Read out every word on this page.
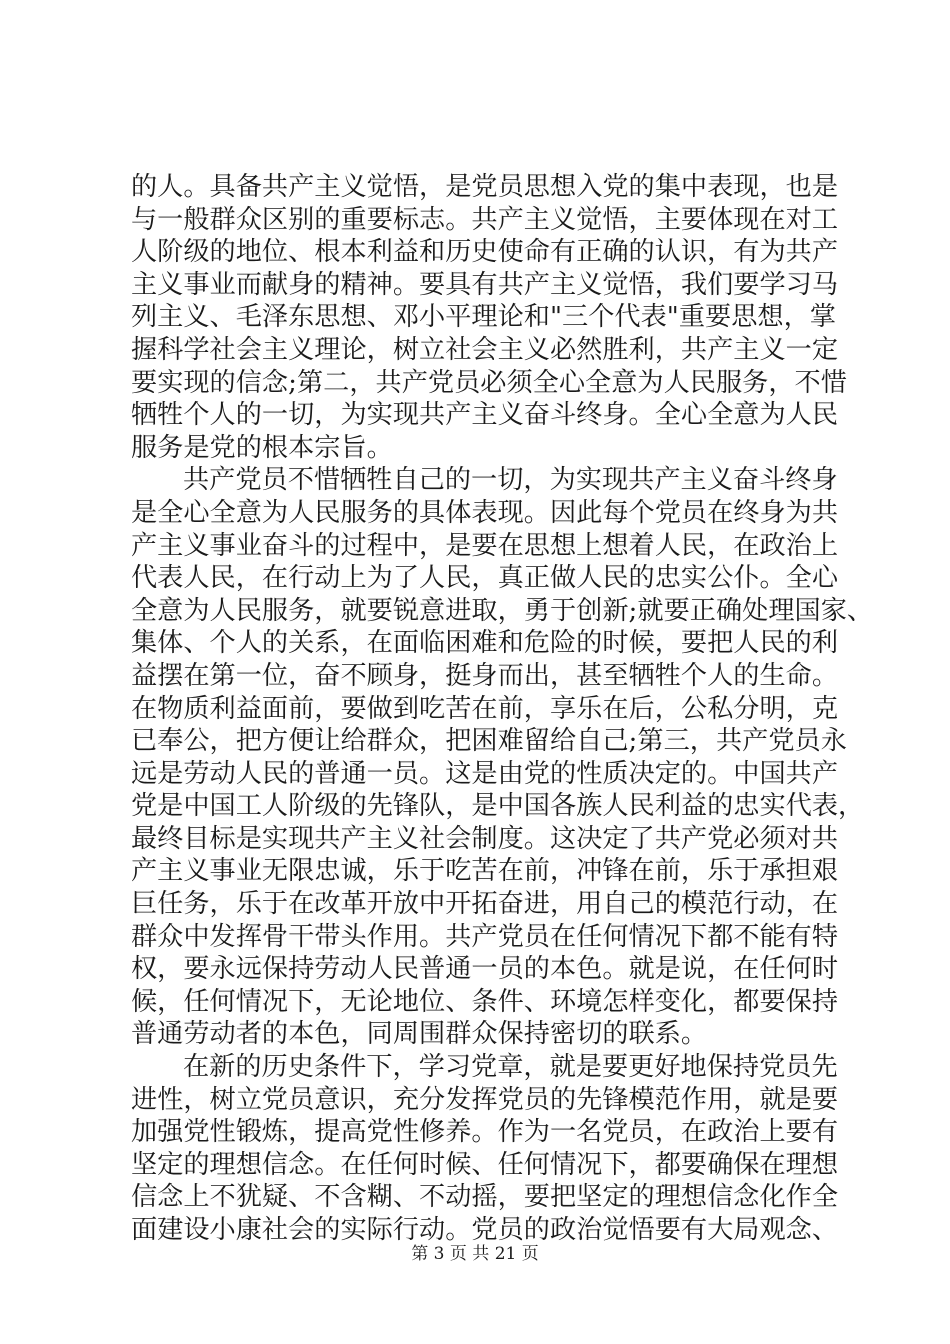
的人。具备共产主义觉悟，是党员思想入党的集中表现，也是
与一般群众区别的重要标志。共产主义觉悟，主要体现在对工
人阶级的地位、根本利益和历史使命有正确的认识，有为共产
主义事业而献身的精神。要具有共产主义觉悟，我们要学习马
列主义、毛泽东思想、邓小平理论和"三个代表"重要思想，掌
握科学社会主义理论，树立社会主义必然胜利，共产主义一定
要实现的信念;第二，共产党员必须全心全意为人民服务，不惜
牺牲个人的一切，为实现共产主义奋斗终身。全心全意为人民
服务是党的根本宗旨。
共产党员不惜牺牲自己的一切，为实现共产主义奋斗终身
是全心全意为人民服务的具体表现。因此每个党员在终身为共
产主义事业奋斗的过程中，是要在思想上想着人民，在政治上
代表人民，在行动上为了人民，真正做人民的忠实公仆。全心
全意为人民服务，就要锐意进取，勇于创新;就要正确处理国家、
集体、个人的关系，在面临困难和危险的时候，要把人民的利
益摆在第一位，奋不顾身，挺身而出，甚至牺牲个人的生命。
在物质利益面前，要做到吃苦在前，享乐在后，公私分明，克
已奉公，把方便让给群众，把困难留给自己;第三，共产党员永
远是劳动人民的普通一员。这是由党的性质决定的。中国共产
党是中国工人阶级的先锋队，是中国各族人民利益的忠实代表，
最终目标是实现共产主义社会制度。这决定了共产党必须对共
产主义事业无限忠诚，乐于吃苦在前，冲锋在前，乐于承担艰
巨任务，乐于在改革开放中开拓奋进，用自己的模范行动，在
群众中发挥骨干带头作用。共产党员在任何情况下都不能有特
权，要永远保持劳动人民普通一员的本色。就是说，在任何时
候，任何情况下，无论地位、条件、环境怎样变化，都要保持
普通劳动者的本色，同周围群众保持密切的联系。
在新的历史条件下，学习党章，就是要更好地保持党员先
进性，树立党员意识，充分发挥党员的先锋模范作用，就是要
加强党性锻炼，提高党性修养。作为一名党员，在政治上要有
坚定的理想信念。在任何时候、任何情况下，都要确保在理想
信念上不犹疑、不含糊、不动摇，要把坚定的理想信念化作全
面建设小康社会的实际行动。党员的政治觉悟要有大局观念、
第 3 页 共 21 页
